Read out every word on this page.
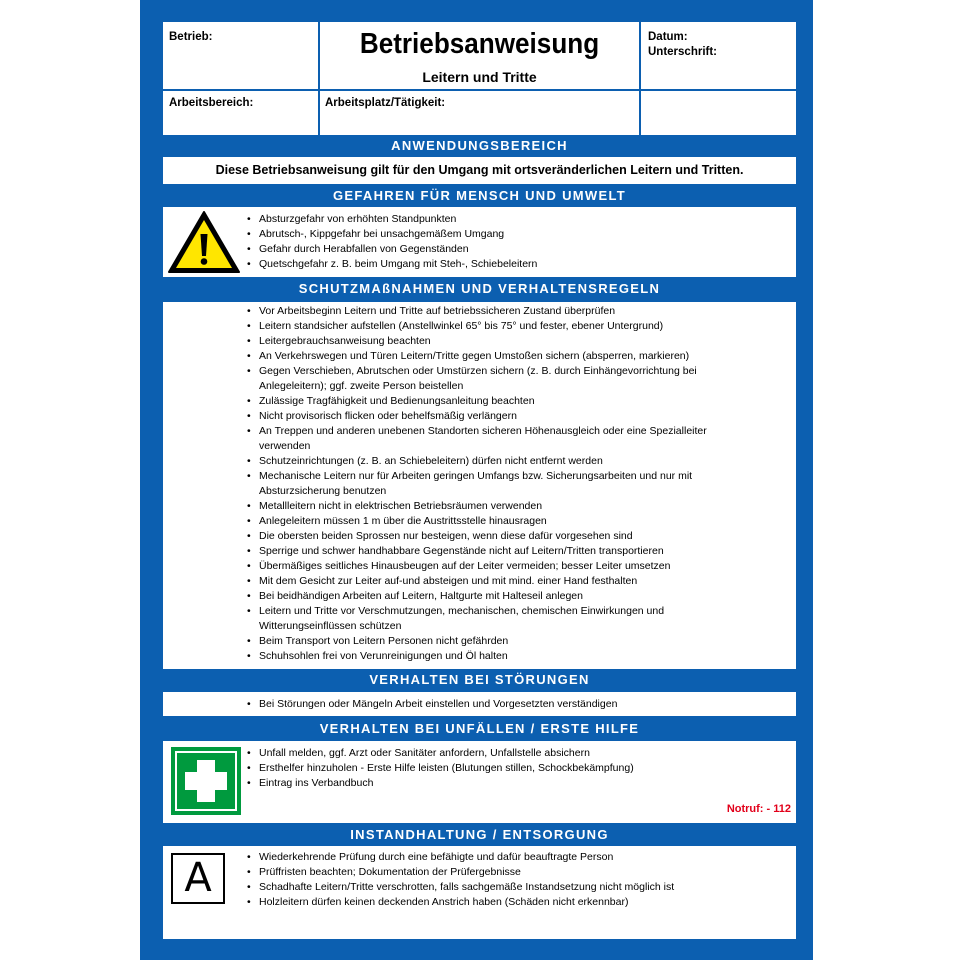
Betrieb:	Betriebsanweisung
Leitern und Tritte
Datum:
Unterschrift:
Arbeitsbereich:	Arbeitsplatz/Tätigkeit:
ANWENDUNGSBEREICH
Diese Betriebsanweisung gilt für den Umgang mit ortsveränderlichen Leitern und Tritten.
GEFAHREN FÜR MENSCH UND UMWELT
• Absturzgefahr von erhöhten Standpunkten
• Abrutsch-, Kippgefahr bei unsachgemäßem Umgang
• Gefahr durch Herabfallen von Gegenständen
• Quetschgefahr z. B. beim Umgang mit Steh-, Schiebeleitern
SCHUTZMAßNAHMEN UND VERHALTENSREGELN
• Vor Arbeitsbeginn Leitern und Tritte auf betriebssicheren Zustand überprüfen
• Leitern standsicher aufstellen (Anstellwinkel 65° bis 75° und fester, ebener Untergrund)
• Leitergebrauchsanweisung beachten
• An Verkehrswegen und Türen Leitern/Tritte gegen Umstoßen sichern (absperren, markieren)
• Gegen Verschieben, Abrutschen oder Umstürzen sichern (z. B. durch Einhängevorrichtung bei Anlegeleitern); ggf. zweite Person beistellen
• Zulässige Tragfähigkeit und Bedienungsanleitung beachten
• Nicht provisorisch flicken oder behelfsmäßig verlängern
• An Treppen und anderen unebenen Standorten sicheren Höhenausgleich oder eine Spezialleiter verwenden
• Schutzeinrichtungen (z. B. an Schiebeleitern) dürfen nicht entfernt werden
• Mechanische Leitern nur für Arbeiten geringen Umfangs bzw. Sicherungsarbeiten und nur mit Absturzsicherung benutzen
• Metallleitern nicht in elektrischen Betriebsräumen verwenden
• Anlegeleitern müssen 1 m über die Austrittsstelle hinausragen
• Die obersten beiden Sprossen nur besteigen, wenn diese dafür vorgesehen sind
• Sperrige und schwer handhabbare Gegenstände nicht auf Leitern/Tritten transportieren
• Übermäßiges seitliches Hinausbeugen auf der Leiter vermeiden; besser Leiter umsetzen
• Mit dem Gesicht zur Leiter auf-und absteigen und mit mind. einer Hand festhalten
• Bei beidhändigen Arbeiten auf Leitern, Haltgurte mit Halteseil anlegen
• Leitern und Tritte vor Verschmutzungen, mechanischen, chemischen Einwirkungen und Witterungseinflüssen schützen
• Beim Transport von Leitern Personen nicht gefährden
• Schuhsohlen frei von Verunreinigungen und Öl halten
VERHALTEN BEI STÖRUNGEN
• Bei Störungen oder Mängeln Arbeit einstellen und Vorgesetzten verständigen
VERHALTEN BEI UNFÄLLEN / ERSTE HILFE
• Unfall melden, ggf. Arzt oder Sanitäter anfordern, Unfallstelle absichern
• Ersthelfer hinzuholen - Erste Hilfe leisten (Blutungen stillen, Schockbekämpfung)
• Eintrag ins Verbandbuch
Notruf: - 112
INSTANDHALTUNG / ENTSORGUNG
A
•	Wiederkehrende Prüfung durch eine befähigte und dafür beauftragte Person
• Prüffristen beachten; Dokumentation der Prüfergebnisse
• Schadhafte Leitern/Tritte verschrotten, falls sachgemäße Instandsetzung nicht möglich ist
• Holzleitern dürfen keinen deckenden Anstrich haben (Schäden nicht erkennbar)
